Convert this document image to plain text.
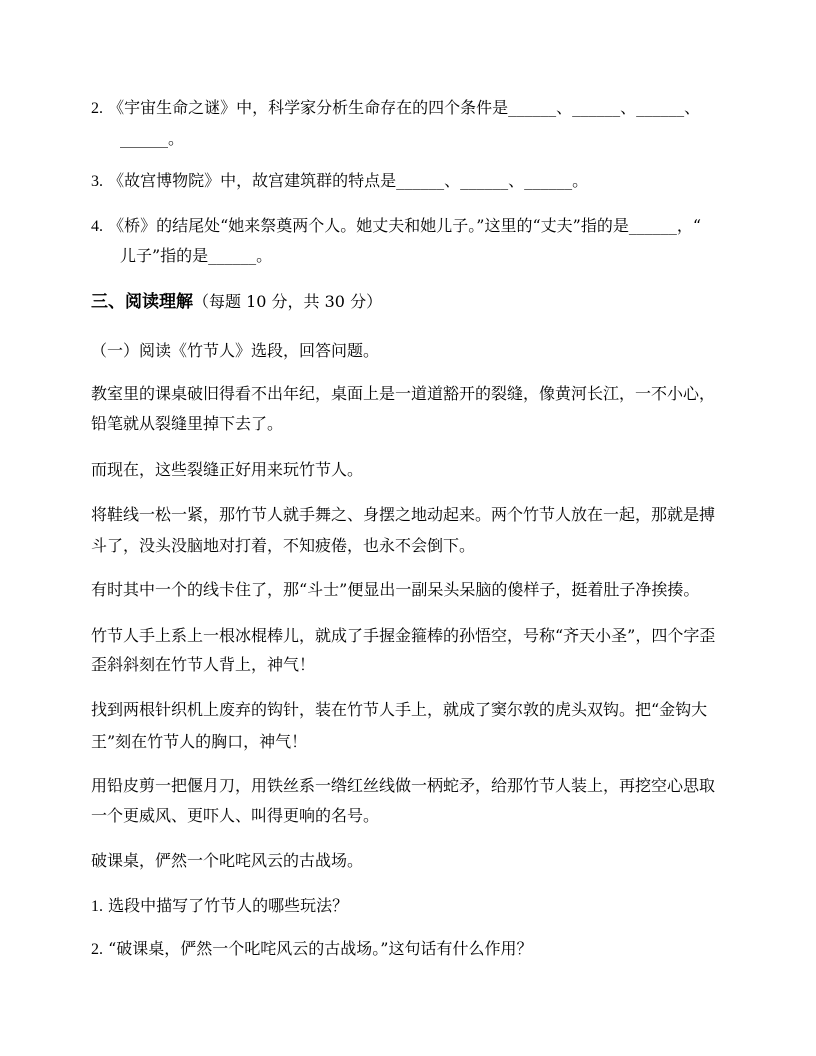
2. 《宇宙生命之谜》中，科学家分析生命存在的四个条件是______、______、______、
______。
3. 《故宫博物院》中，故宫建筑群的特点是______、______、______。
4. 《桥》的结尾处“她来祭奠两个人。她丈夫和她儿子。”这里的“丈夫”指的是______，“
儿子”指的是______。
三、阅读理解（每题 10 分，共 30 分）
（一）阅读《竹节人》选段，回答问题。
教室里的课桌破旧得看不出年纪，桌面上是一道道豁开的裂缝，像黄河长江，一不小心，
铅笔就从裂缝里掉下去了。
而现在，这些裂缝正好用来玩竹节人。
将鞋线一松一紧，那竹节人就手舞之、身摆之地动起来。两个竹节人放在一起，那就是搏
斗了，没头没脑地对打着，不知疲倦，也永不会倒下。
有时其中一个的线卡住了，那“斗士”便显出一副呆头呆脑的傻样子，挺着肚子净挨揍。
竹节人手上系上一根冰棍棒儿，就成了手握金箍棒的孙悟空，号称“齐天小圣”，四个字歪
歪斜斜刻在竹节人背上，神气！
找到两根针织机上废弃的钩针，装在竹节人手上，就成了窦尔敦的虎头双钩。把“金钩大
王”刻在竹节人的胸口，神气！
用铅皮剪一把偃月刀，用铁丝系一绺红丝线做一柄蛇矛，给那竹节人装上，再挖空心思取
一个更威风、更吓人、叫得更响的名号。
破课桌，俨然一个叱咤风云的古战场。
1. 选段中描写了竹节人的哪些玩法？
2. “破课桌，俨然一个叱咤风云的古战场。”这句话有什么作用？
